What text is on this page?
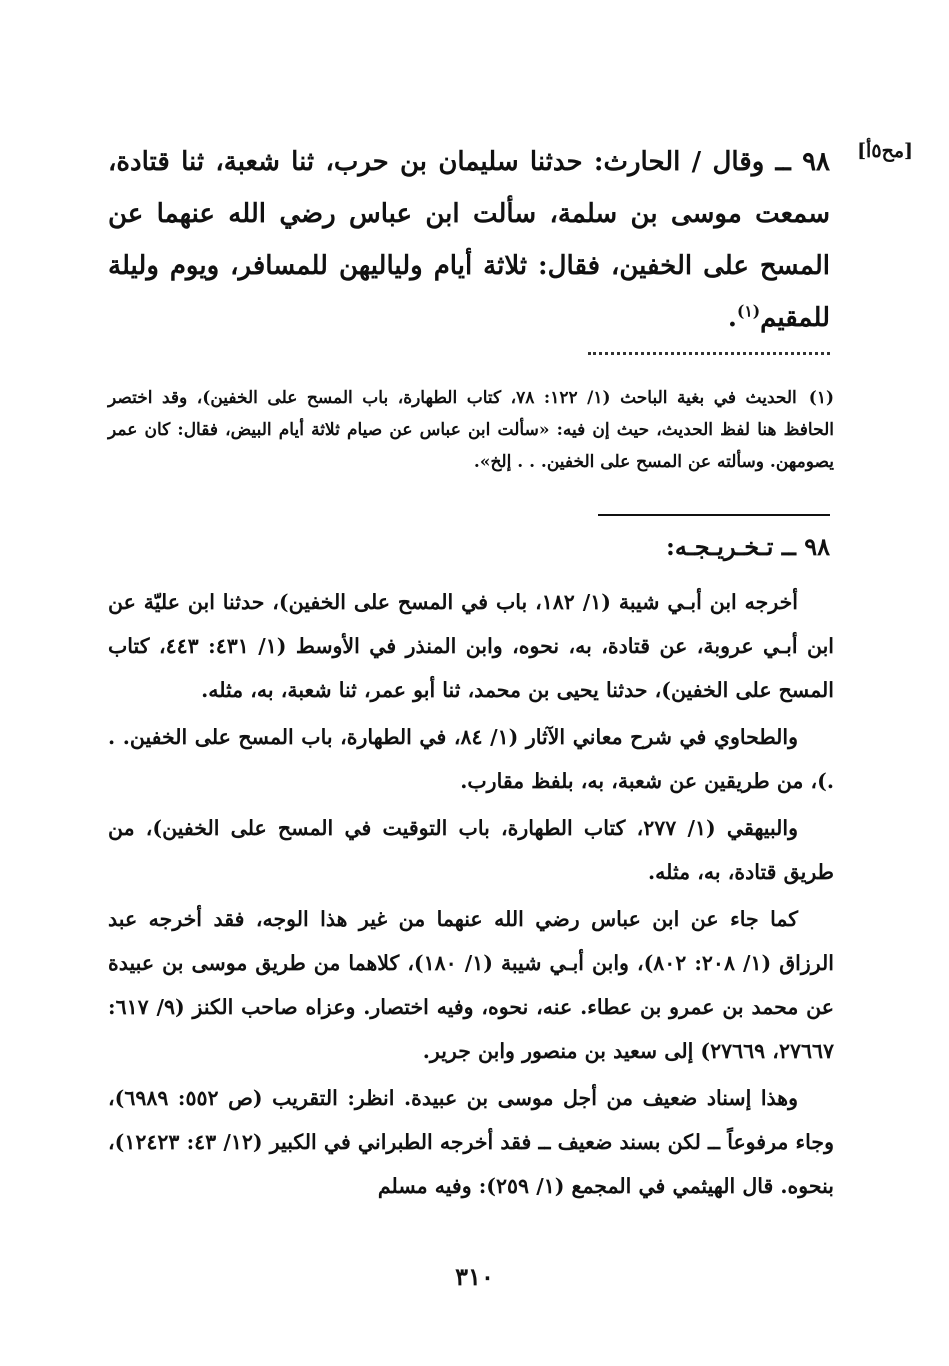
[مح٥أ]
٩٨ ــ وقال / الحارث: حدثنا سليمان بن حرب، ثنا شعبة، ثنا قتادة، سمعت موسى بن سلمة، سألت ابن عباس رضي الله عنهما عن المسح على الخفين، فقال: ثلاثة أيام ولياليهن للمسافر، ويوم وليلة للمقيم$^{(١)}$.
(١)الحديث في بغية الباحث (١/ ١٢٢: ٧٨، كتاب الطهارة، باب المسح على الخفين)، وقد اختصر الحافظ هنا لفظ الحديث، حيث إن فيه: «سألت ابن عباس عن صيام ثلاثة أيام البيض، فقال: كان عمر يصومهن. وسألته عن المسح على الخفين. . . إلخ».
٩٨ ــ تـخـريـجـه:

أخرجه ابن أبـي شيبة (١/ ١٨٢، باب في المسح على الخفين)، حدثنا ابن عليّة عن ابن أبـي عروبة، عن قتادة، به، نحوه، وابن المنذر في الأوسط (١/ ٤٣١: ٤٤٣، كتاب المسح على الخفين)، حدثنا يحيى بن محمد، ثنا أبو عمر، ثنا شعبة، به، مثله.

والطحاوي في شرح معاني الآثار (١/ ٨٤، في الطهارة، باب المسح على الخفين. . .)، من طريقين عن شعبة، به، بلفظ مقارب.

والبيهقي (١/ ٢٧٧، كتاب الطهارة، باب التوقيت في المسح على الخفين)، من طريق قتادة، به، مثله.

كما جاء عن ابن عباس رضي الله عنهما من غير هذا الوجه، فقد أخرجه عبد الرزاق (١/ ٢٠٨: ٨٠٢)، وابن أبـي شيبة (١/ ١٨٠)، كلاهما من طريق موسى بن عبيدة عن محمد بن عمرو بن عطاء. عنه، نحوه، وفيه اختصار. وعزاه صاحب الكنز (٩/ ٦١٧: ٢٧٦٦٧، ٢٧٦٦٩) إلى سعيد بن منصور وابن جرير.

وهذا إسناد ضعيف من أجل موسى بن عبيدة. انظر: التقريب (ص ٥٥٢: ٦٩٨٩)، وجاء مرفوعاً ــ لكن بسند ضعيف ــ فقد أخرجه الطبراني في الكبير (١٢/ ٤٣: ١٢٤٢٣)، بنحوه. قال الهيثمي في المجمع (١/ ٢٥٩): وفيه مسلم

٣١٠
